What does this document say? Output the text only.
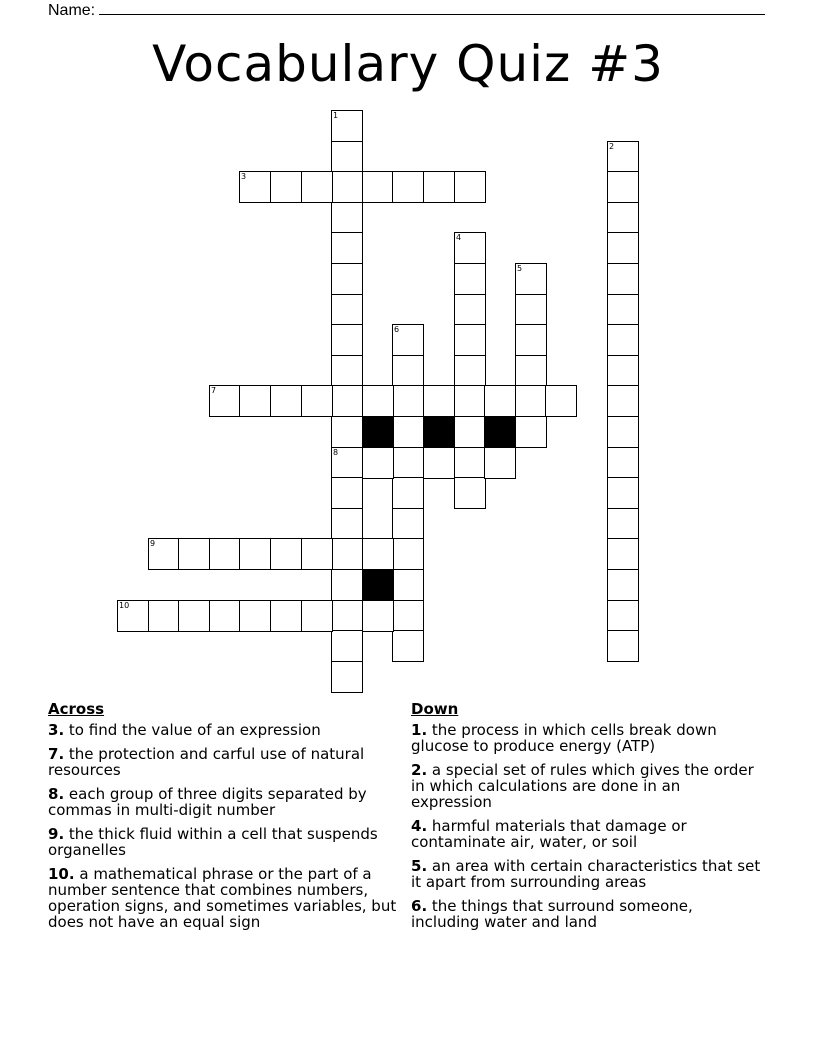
Name:
Vocabulary Quiz #3
1
8
2
3
4
5
6
7
9
10
Across
3. to find the value of an expression
7. the protection and carful use of natural resources
8. each group of three digits separated by commas in multi-digit number
9. the thick fluid within a cell that suspends organelles
10. a mathematical phrase or the part of a number sentence that combines numbers, operation signs, and sometimes variables, but does not have an equal sign
Down
1. the process in which cells break down glucose to produce energy (ATP)
2. a special set of rules which gives the order in which calculations are done in an expression
4. harmful materials that damage or contaminate air, water, or soil
5. an area with certain characteristics that set it apart from surrounding areas
6. the things that surround someone, including water and land
